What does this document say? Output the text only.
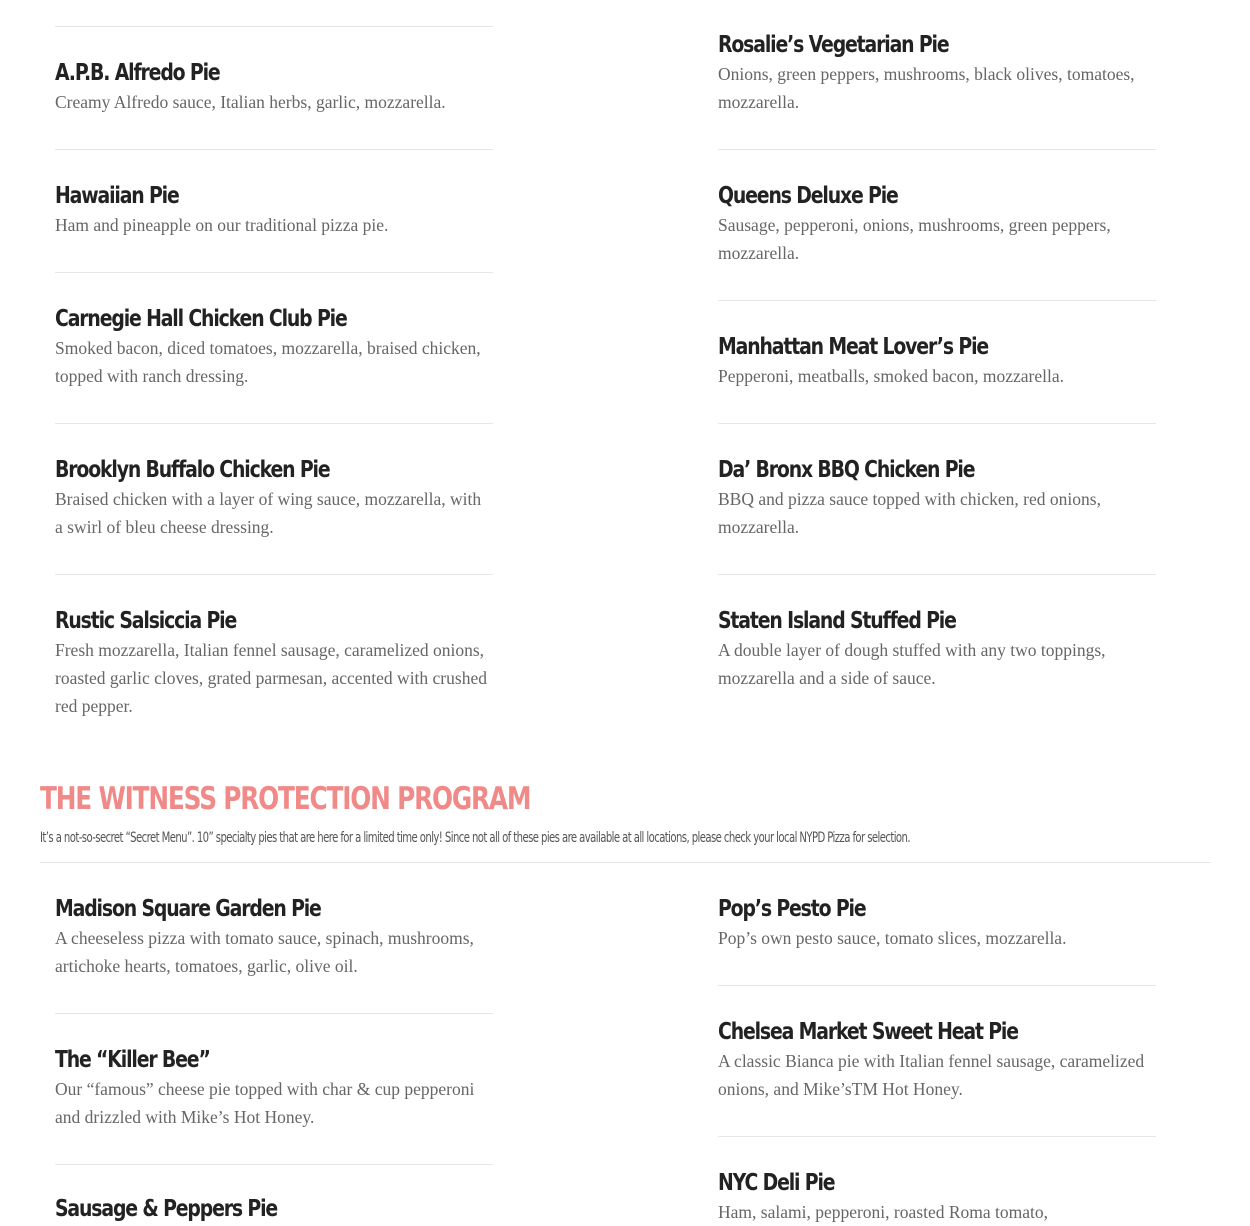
A.P.B. Alfredo Pie

Creamy Alfredo sauce, Italian herbs, garlic, mozzarella.

Hawaiian Pie

Ham and pineapple on our traditional pizza pie.

Carnegie Hall Chicken Club Pie

Smoked bacon, diced tomatoes, mozzarella, braised chicken, topped with ranch dressing.

Brooklyn Buffalo Chicken Pie

Braised chicken with a layer of wing sauce, mozzarella, with a swirl of bleu cheese dressing.

Rustic Salsiccia Pie

Fresh mozzarella, Italian fennel sausage, caramelized onions, roasted garlic cloves, grated parmesan, accented with crushed red pepper.

Madison Square Garden Pie

A cheeseless pizza with tomato sauce, spinach, mushrooms, artichoke hearts, tomatoes, garlic, olive oil.

The “Killer Bee”

Our “famous” cheese pie topped with char & cup pepperoni and drizzled with Mike’s Hot Honey.

Sausage & Peppers Pie

Rosalie’s Vegetarian Pie

Onions, green peppers, mushrooms, black olives, tomatoes, mozzarella.

Queens Deluxe Pie

Sausage, pepperoni, onions, mushrooms, green peppers, mozzarella.

Manhattan Meat Lover’s Pie

Pepperoni, meatballs, smoked bacon, mozzarella.

Da’ Bronx BBQ Chicken Pie

BBQ and pizza sauce topped with chicken, red onions, mozzarella.

Staten Island Stuffed Pie

A double layer of dough stuffed with any two toppings, mozzarella and a side of sauce.

Pop’s Pesto Pie

Pop’s own pesto sauce, tomato slices, mozzarella.

Chelsea Market Sweet Heat Pie

A classic Bianca pie with Italian fennel sausage, caramelized onions, and Mike’sTM Hot Honey.

NYC Deli Pie

Ham, salami, pepperoni, roasted Roma tomato,

THE WITNESS PROTECTION PROGRAM

It’s a not-so-secret “Secret Menu”. 10” specialty pies that are here for a limited time only! Since not all of these pies are available at all locations, please check your local NYPD Pizza for selection.
